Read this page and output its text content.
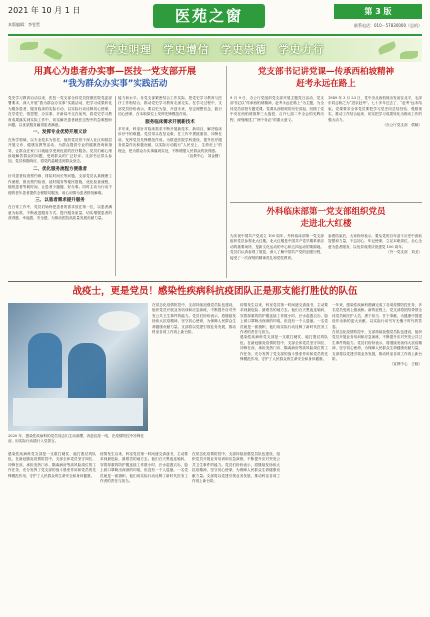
2021 年 10 月 1 日
本版编辑：李雯哲	医苑之窗	第 3 版
联系电话：010－57830000（总机）
学史明理　学史增信　学史崇德　学史力行
用真心为患者办实事—医技一党支部开展
“我为群众办实事”实践活动

党史学习教育启动以来，医技一党支部全体党员按照医院党委部署要求，深入开展“我为群众办实事”实践活动，把学习成果转化为服务患者、服务临床的实际行动，以实际行动诠释初心使命，在学党史、悟思想、办实事、开新局中走在前列，将党史学习教育成果落实到实际工作中，切实解决患者就医过程中的急难愁盼问题，以优质服务赢得患者满意。

一、发挥专业优势开展义诊

在所学领域，以专业技术为依托，组织党员骨干深入社区和基层开展义诊、健康宣教等活动，为群众提供专业的健康咨询和指导，让群众在家门口就能享受到优质的医疗服务。党员们耐心细致地解答群众的问题，受到群众的广泛好评。支部书记带头参加，党员积极响应，将党的温暖送到群众身边。

二、优化服务流程方便患者

针对患者检查预约难、排队时间长等问题，支部党员认真梳理工作流程，推出预约检查、延时服务等便民措施，优化检查流程，缩短患者等候时间，让患者少跑腿、好办事。同时主动为行动不便的老年患者提供全程陪同服务，用心用情为患者排忧解难。

三、以患者需求提升服务

在日常工作中，党员们始终把患者的需求放在第一位，以患者满意为标准，不断改进服务方式，提升服务质量，切实增强患者的获得感、幸福感、安全感，为推动医院高质量发展贡献力量。

能力和水平。各党支部紧密结合工作实际，把党史学习教育与医疗工作相结合，推动党史学习教育走深走实。在学习过程中，支部党员纷纷表示，要以史为鉴、开创未来，坚定理想信念，践行初心使命，在本职岗位上发挥先锋模范作用。

服务临床需求开展新技术

多年来，科室针对临床需求不断开展新技术、新项目，解决临床诊疗中的难题。党员带头攻坚克难，在工作中勇挑重担、冲锋在前，发挥党员先锋模范作用。为推进医院学科建设、提升医疗服务质量作出积极贡献，以实际行动践行“人民至上、生命至上”的理念，把为群众办实事落到实处，不断增强人民群众的获得感。

（宣教中心　刘金钢）

党支部书记讲党课—传承西柏坡精神
赶考永远在路上

9 月 9 日，办公厅党组织党支部开展主题党日活动，党支部书记以“传承西柏坡精神，赶考永远在路上”为主题，为全体党员讲授专题党课。党课从西柏坡的历史讲起，回顾了党中央在西柏坡指挥三大战役、召开七届二中全会的光辉历程，深刻阐述了“两个务必”的重大意义。

1949 年 3 月 23 日，党中央从西柏坡出发前往北平，毛泽东同志称之为“进京赶考”。七十多年过去了，“赶考”远未结束。党课要求全体党员要把学习党史同总结经验、观照现实、推动工作结合起来，切实把学习成果转化为推动工作的强大动力。

（办公厅党支部　供稿）

外科临床部第一党支部组织党员
走进北大红楼

为庆祝中国共产党成立 100 周年，外科临床部第一党支部组织党员参观北大红楼。北大红楼是中国共产党早期革命活动的重要场所，是新文化运动的中心和五四运动的策源地。党员们认真参观了展览，深入了解中国共产党的创建历程，接受了一次深刻的精神洗礼和党性教育。

参观结束后，大家纷纷表示，要从党的百年奋斗历史中汲取智慧和力量，不忘初心、牢记使命，立足本职岗位，全心全意为患者服务，以优异成绩庆祝建党 100 周年。

（外一党支部　刘戈）

战疫士，更是党员！感染性疾病科抗疫团队正是那支能打胜仗的队伍
2020 年，感染性疾病科的党员同志们主动请缨，奔赴抗疫一线，在疫情防控中冲锋在前，用实际行动践行入党誓言。

感染性疾病科党支部是一支敢打硬仗、能打胜仗的队伍。在新冠肺炎疫情防控中，支部全体党员坚守岗位、冲锋在前，承担发热门诊、隔离病房等高风险岗位的工作任务，充分发挥了党支部的战斗堡垒作用和党员的先锋模范作用，守护了人民群众的生命安全和身体健康。

疫情发生以来，科室党员第一时间递交请战书，主动要求到最危险、最艰苦的地方去。他们白天黑夜连轴转，穿着厚重的防护服连续工作数小时，汗水湿透衣衫，脸上被口罩勒出深深的印痕，但没有一个人退缩。一名党员就是一面旗帜，他们用实际行动诠释了新时代医务工作者的责任与担当。

在常态化疫情防控中，支部持续加强党员队伍建设，组织党员开展业务培训和应急演练，不断提升应对突发公共卫生事件的能力。党员们纷纷表示，将继续发扬伟大抗疫精神，坚守初心使命，为保障人民群众生命健康贡献力量。支部将以党建引领业务发展，推动科室各项工作再上新台阶。

在常态化疫情防控中，支部持续加强党员队伍建设，组织党员开展业务培训和应急演练，不断提升应对突发公共卫生事件的能力。党员们纷纷表示，将继续发扬伟大抗疫精神，坚守初心使命，为保障人民群众生命健康贡献力量。支部将以党建引领业务发展，推动科室各项工作再上新台阶。

疫情发生以来，科室党员第一时间递交请战书，主动要求到最危险、最艰苦的地方去。他们白天黑夜连轴转，穿着厚重的防护服连续工作数小时，汗水湿透衣衫，脸上被口罩勒出深深的印痕，但没有一个人退缩。一名党员就是一面旗帜，他们用实际行动诠释了新时代医务工作者的责任与担当。

感染性疾病科党支部是一支敢打硬仗、能打胜仗的队伍。在新冠肺炎疫情防控中，支部全体党员坚守岗位、冲锋在前，承担发热门诊、隔离病房等高风险岗位的工作任务，充分发挥了党支部的战斗堡垒作用和党员的先锋模范作用，守护了人民群众的生命安全和身体健康。

一年来，感染性疾病科圆满完成了各项疫情防控任务，多名党员受到上级表彰。新的征程上，党支部将团结带领全体党员和医护人员，勇于担当、甘于奉献，为健康中国建设作出新的更大贡献，以实际行动书写无愧于时代的答卷。

在常态化疫情防控中，支部持续加强党员队伍建设，组织党员开展业务培训和应急演练，不断提升应对突发公共卫生事件的能力。党员们纷纷表示，将继续发扬伟大抗疫精神，坚守初心使命，为保障人民群众生命健康贡献力量。支部将以党建引领业务发展，推动科室各项工作再上新台阶。

（宣教中心　王晓）
